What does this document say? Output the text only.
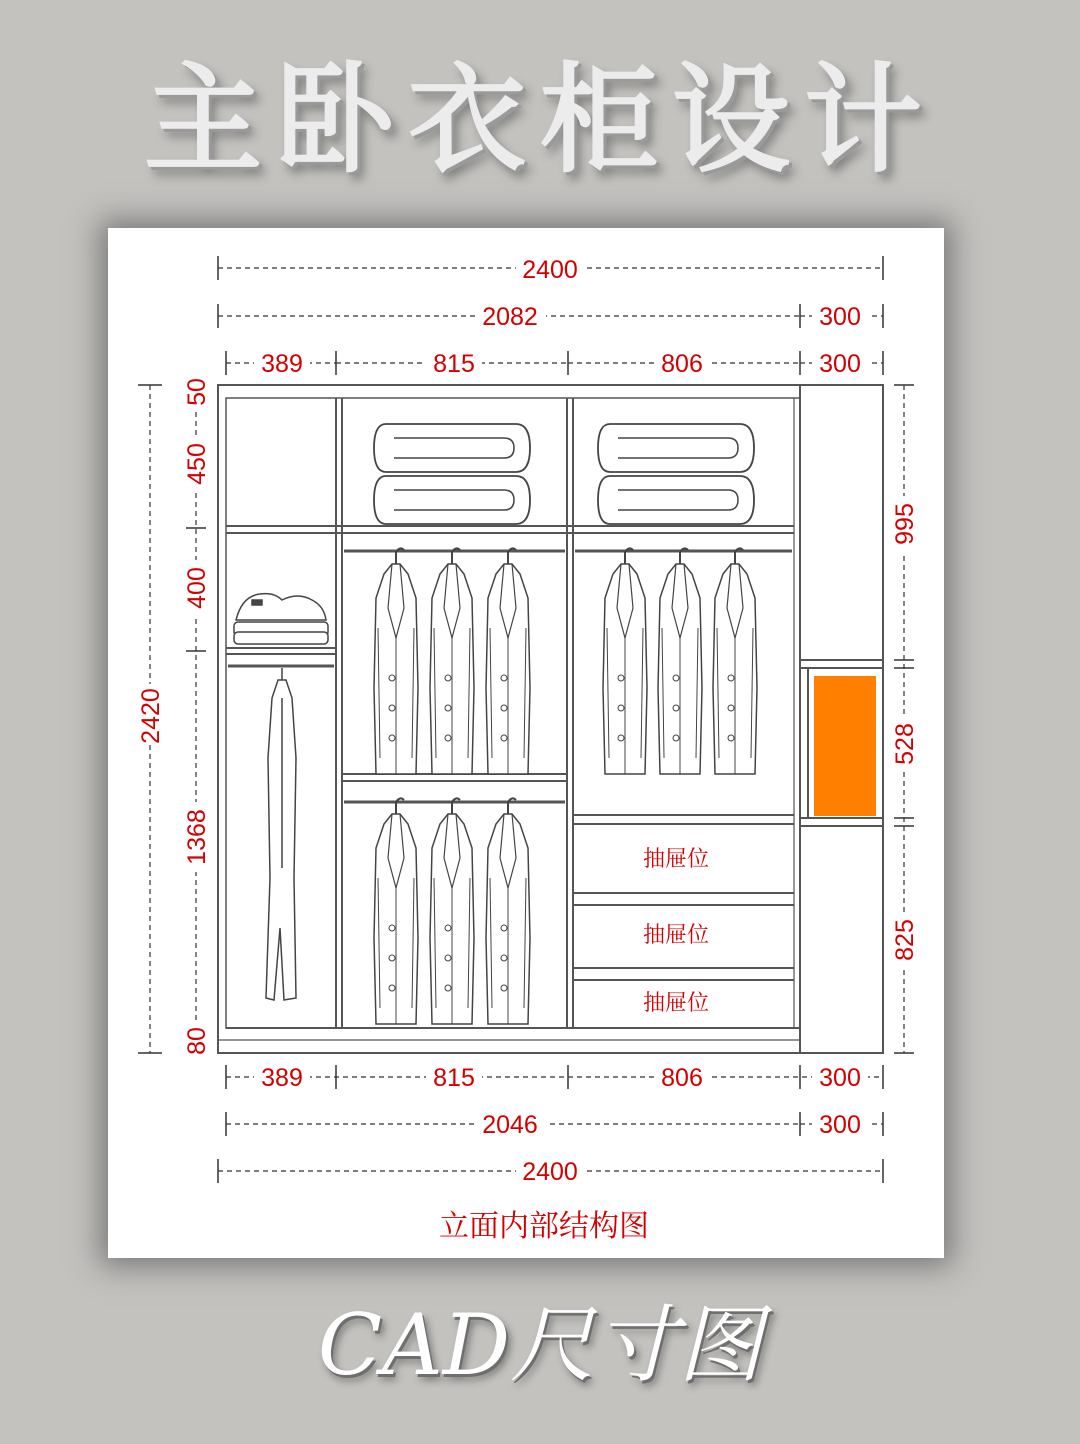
主卧衣柜设计
2400
2082	300
389	815	806	300
抽屉位
抽屉位
抽屉位
2420
50
450
400
1368
80
995
528
825
389	815	806	300
2046	300
2400
立面内部结构图
CAD尺寸图
